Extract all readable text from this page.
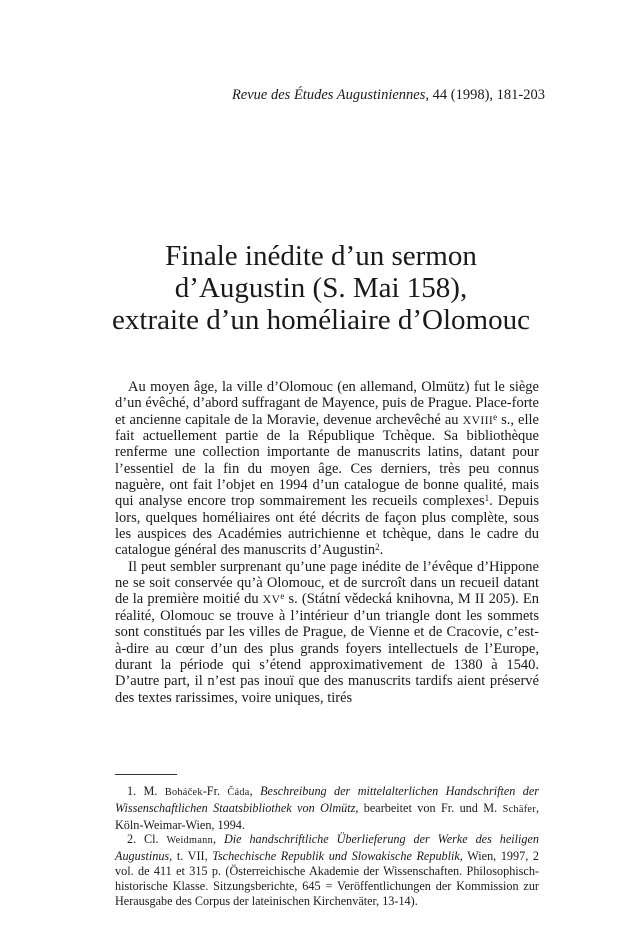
Revue des Études Augustiniennes, 44 (1998), 181-203
Finale inédite d’un sermon
d’Augustin (S. Mai 158),
extraite d’un homéliaire d’Olomouc

Au moyen âge, la ville d’Olomouc (en allemand, Olmütz) fut le siège d’un évêché, d’abord suffragant de Mayence, puis de Prague. Place-forte et ancienne capitale de la Moravie, devenue archevêché au XVIIIe s., elle fait actuellement partie de la République Tchèque. Sa bibliothèque renferme une collection importante de manuscrits latins, datant pour l’essentiel de la fin du moyen âge. Ces derniers, très peu connus naguère, ont fait l’objet en 1994 d’un catalogue de bonne qualité, mais qui analyse encore trop sommairement les recueils complexes$^1$. Depuis lors, quelques homéliaires ont été décrits de façon plus complète, sous les auspices des Académies autrichienne et tchèque, dans le cadre du catalogue général des manuscrits d’Augustin$^2$.

Il peut sembler surprenant qu’une page inédite de l’évêque d’Hippone ne se soit conservée qu’à Olomouc, et de surcroît dans un recueil datant de la première moitié du XVe s. (Státní vědecká knihovna, M II 205). En réalité, Olomouc se trouve à l’intérieur d’un triangle dont les sommets sont constitués par les villes de Prague, de Vienne et de Cracovie, c’est-à-dire au cœur d’un des plus grands foyers intellectuels de l’Europe, durant la période qui s’étend approximativement de 1380 à 1540. D’autre part, il n’est pas inouï que des manuscrits tardifs aient préservé des textes rarissimes, voire uniques, tirés

1. M. Boháček-Fr. Čáda, Beschreibung der mittelalterlichen Handschriften der Wissenschaftlichen Staatsbibliothek von Olmütz, bearbeitet von Fr. und M. Schäfer, Köln-Weimar-Wien, 1994.

2. Cl. Weidmann, Die handschriftliche Überlieferung der Werke des heiligen Augustinus, t. VII, Tschechische Republik und Slowakische Republik, Wien, 1997, 2 vol. de 411 et 315 p. (Österreichische Akademie der Wissenschaften. Philosophisch-historische Klasse. Sitzungsberichte, 645 = Veröffentlichungen der Kommission zur Herausgabe des Corpus der lateinischen Kirchenväter, 13-14).
